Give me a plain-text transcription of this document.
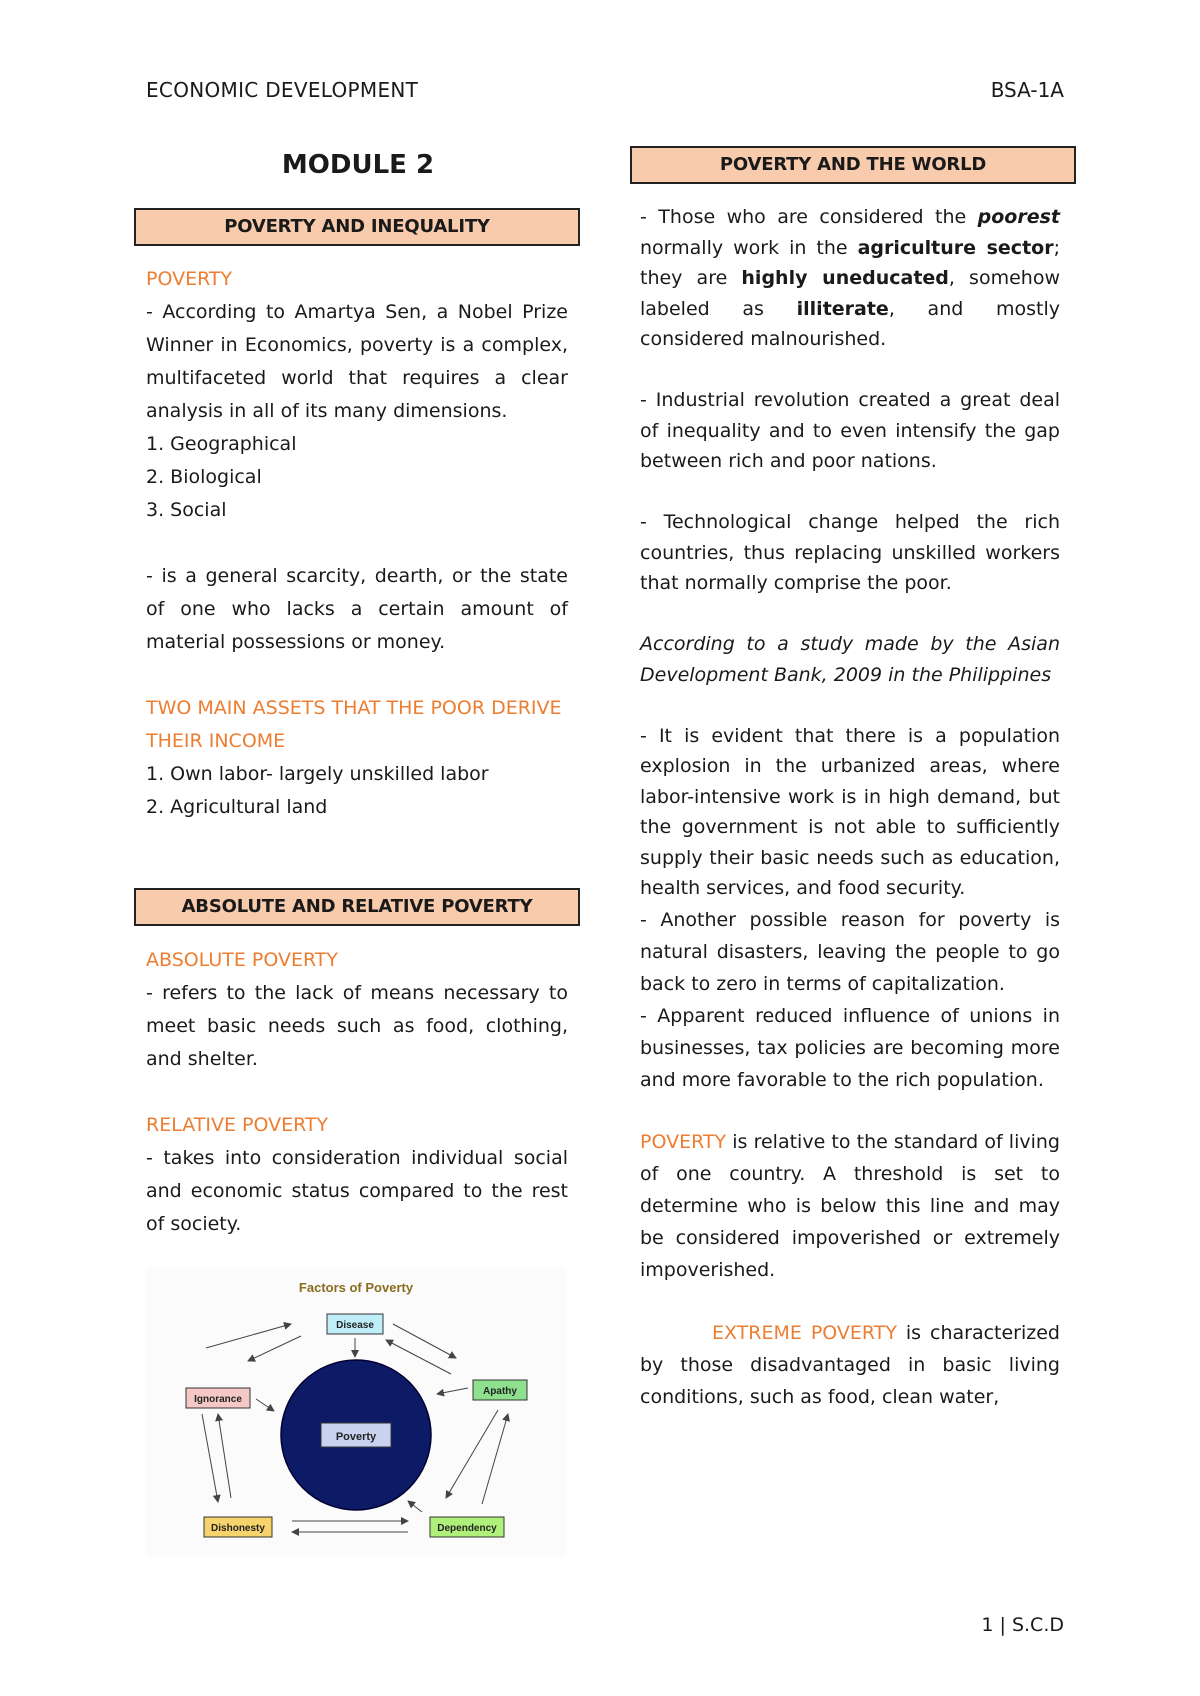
ECONOMIC DEVELOPMENT	BSA-1A
MODULE 2
POVERTY AND INEQUALITY

POVERTY

- According to Amartya Sen, a Nobel Prize Winner in Economics, poverty is a complex, multifaceted world that requires a clear analysis in all of its many dimensions.

1. Geographical

2. Biological

3. Social

- is a general scarcity, dearth, or the state of one who lacks a certain amount of material possessions or money.

TWO MAIN ASSETS THAT THE POOR DERIVE THEIR INCOME

1. Own labor- largely unskilled labor

2. Agricultural land

ABSOLUTE AND RELATIVE POVERTY

ABSOLUTE POVERTY

- refers to the lack of means necessary to meet basic needs such as food, clothing, and shelter.

RELATIVE POVERTY

- takes into consideration individual social and economic status compared to the rest of society.

Factors of Poverty
Poverty
Disease
Apathy
Ignorance
Dishonesty	Dependency
POVERTY AND THE WORLD

- Those who are considered the poorest normally work in the agriculture sector; they are highly uneducated, somehow labeled as illiterate, and mostly considered malnourished.

- Industrial revolution created a great deal of inequality and to even intensify the gap between rich and poor nations.

- Technological change helped the rich countries, thus replacing unskilled workers that normally comprise the poor.

According to a study made by the Asian Development Bank, 2009 in the Philippines

- It is evident that there is a population explosion in the urbanized areas, where labor-intensive work is in high demand, but the government is not able to sufficiently supply their basic needs such as education, health services, and food security.

- Another possible reason for poverty is natural disasters, leaving the people to go back to zero in terms of capitalization.

- Apparent reduced influence of unions in businesses, tax policies are becoming more and more favorable to the rich population.

POVERTY is relative to the standard of living of one country. A threshold is set to determine who is below this line and may be considered impoverished or extremely impoverished.

EXTREME POVERTY is characterized by those disadvantaged in basic living conditions, such as food, clean water,

1 | S.C.D
